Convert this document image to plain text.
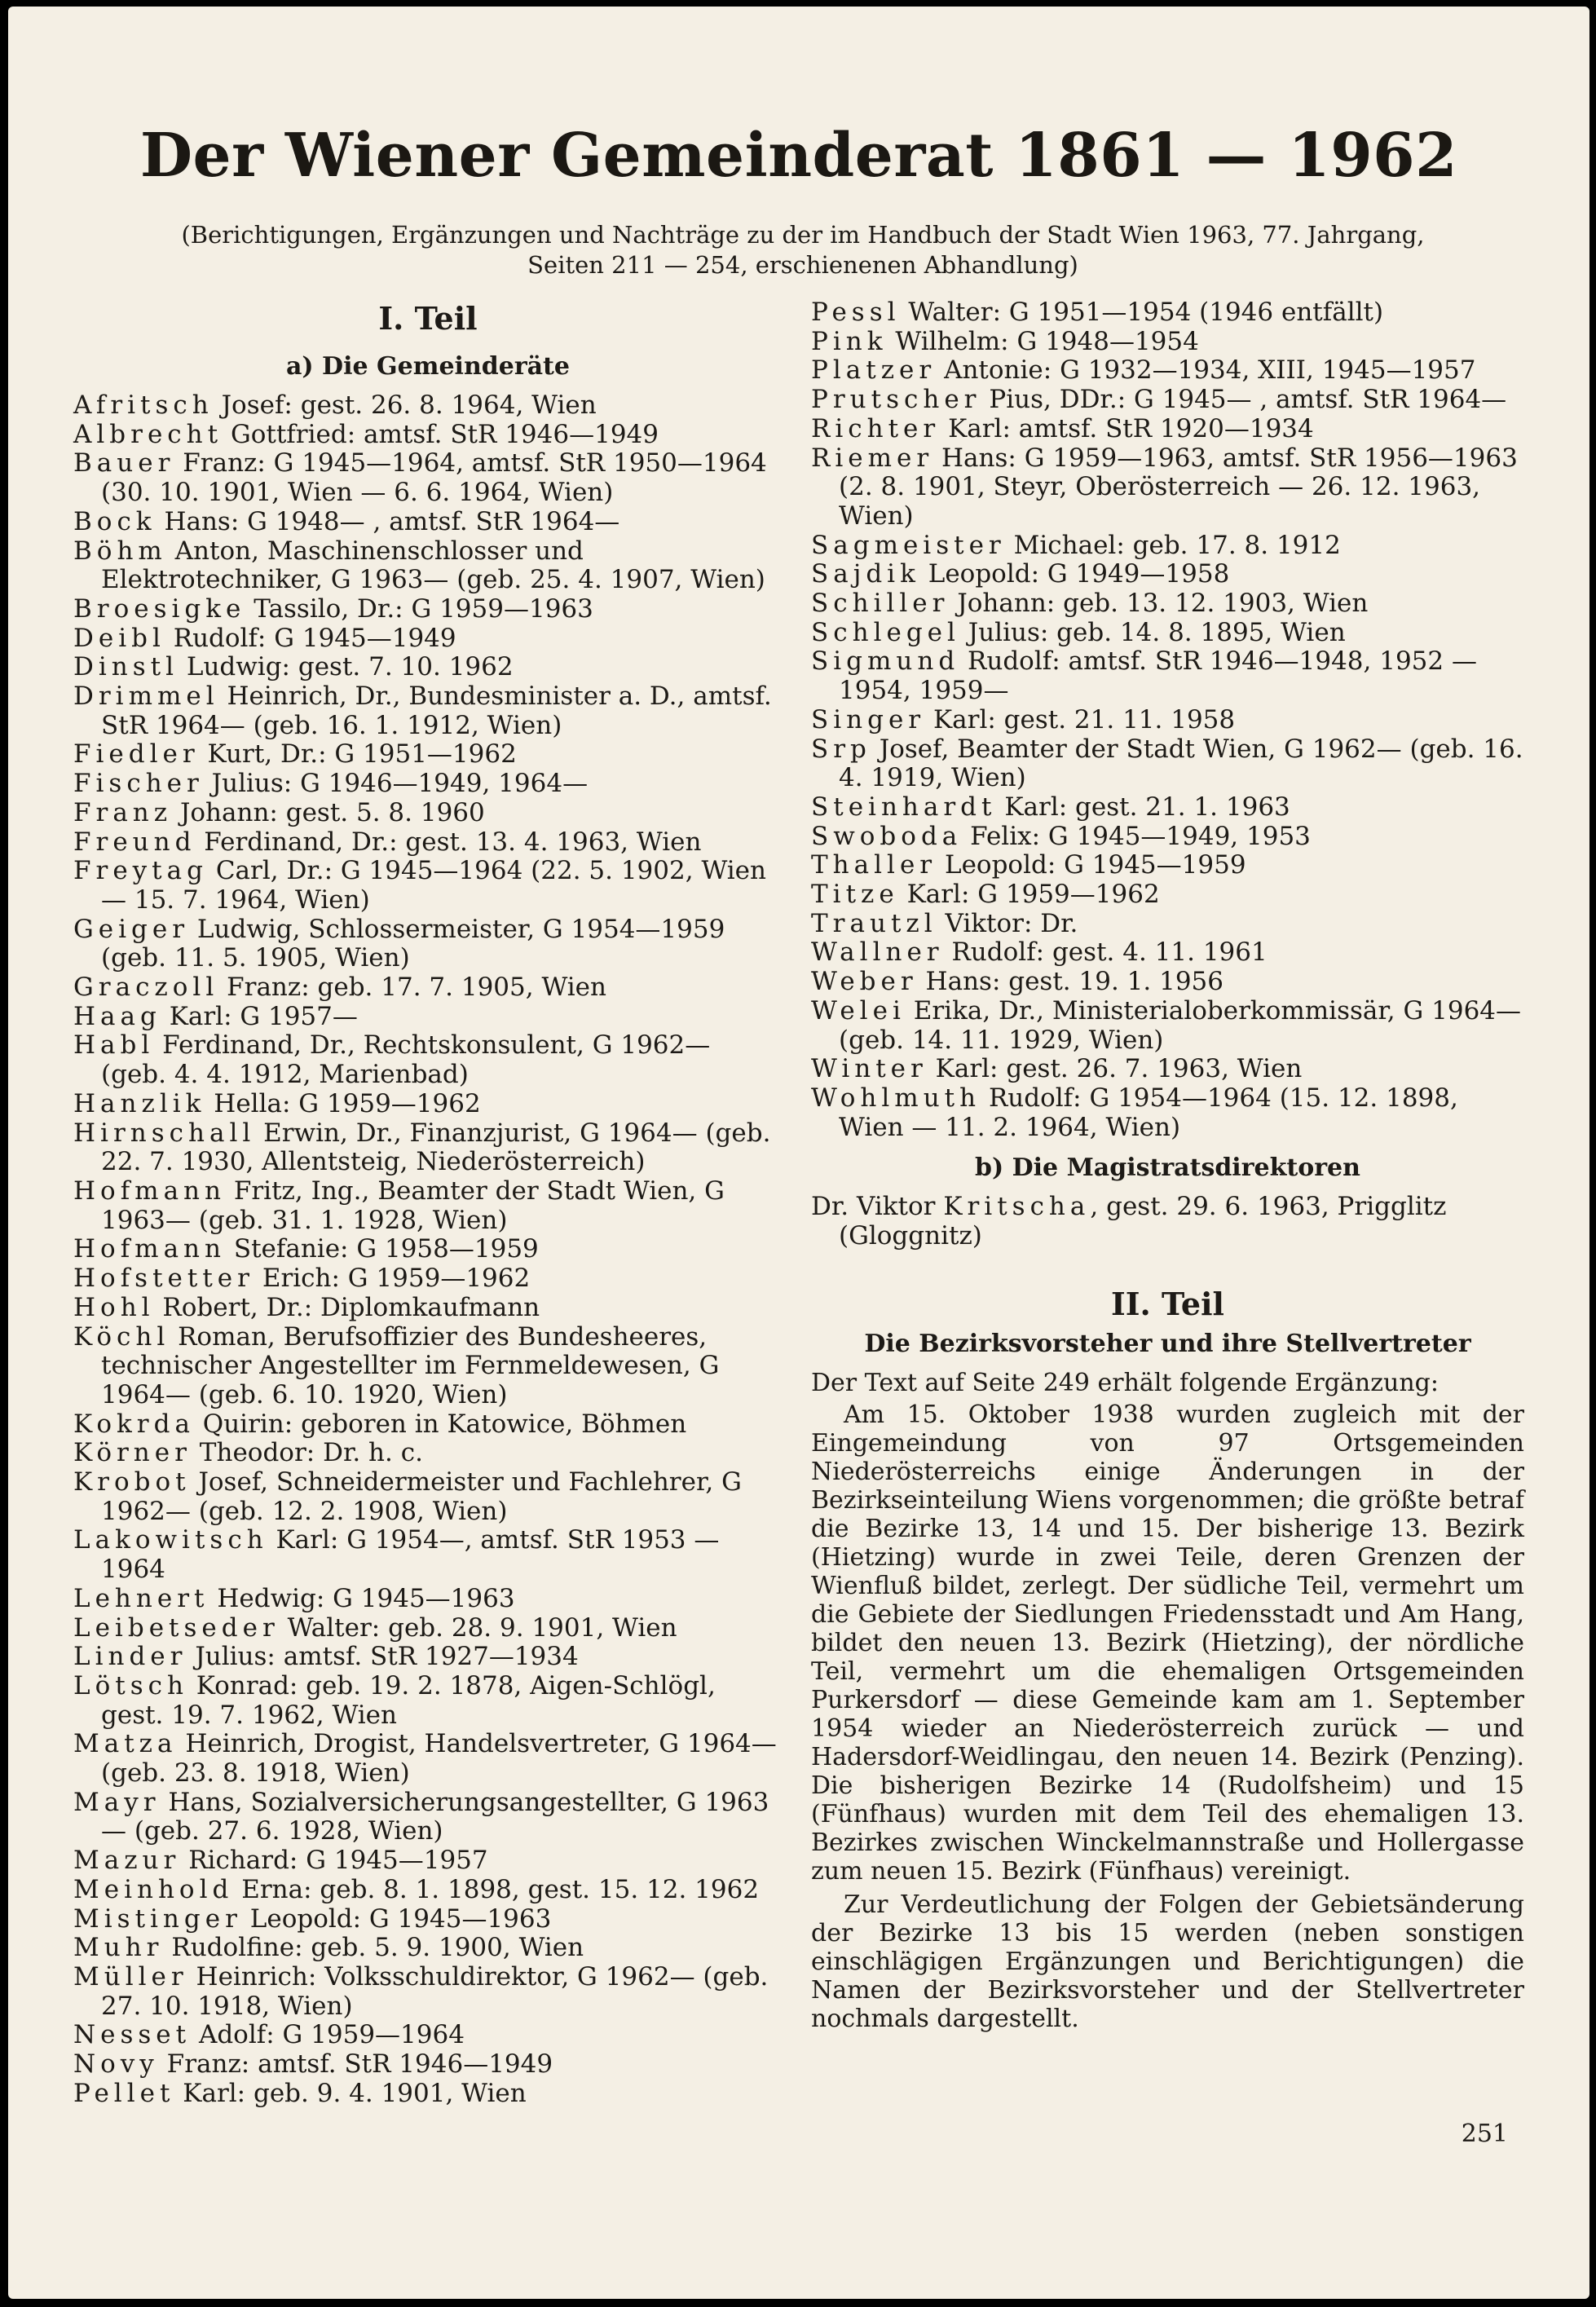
Der Wiener Gemeinderat 1861 — 1962
(Berichtigungen, Ergänzungen und Nachträge zu der im Handbuch der Stadt Wien 1963, 77. Jahrgang,
Seiten 211 — 254, erschienenen Abhandlung)
I. Teil
a) Die Gemeinderäte
Afritsch Josef: gest. 26. 8. 1964, Wien
Albrecht Gottfried: amtsf. StR 1946—1949
Bauer Franz: G 1945—1964, amtsf. StR 1950—1964 (30. 10. 1901, Wien — 6. 6. 1964, Wien)
Bock Hans: G 1948— , amtsf. StR 1964—
Böhm Anton, Maschinenschlosser und Elektrotechniker, G 1963— (geb. 25. 4. 1907, Wien)
Broesigke Tassilo, Dr.: G 1959—1963
Deibl Rudolf: G 1945—1949
Dinstl Ludwig: gest. 7. 10. 1962
Drimmel Heinrich, Dr., Bundesminister a. D., amtsf. StR 1964— (geb. 16. 1. 1912, Wien)
Fiedler Kurt, Dr.: G 1951—1962
Fischer Julius: G 1946—1949, 1964—
Franz Johann: gest. 5. 8. 1960
Freund Ferdinand, Dr.: gest. 13. 4. 1963, Wien
Freytag Carl, Dr.: G 1945—1964 (22. 5. 1902, Wien — 15. 7. 1964, Wien)
Geiger Ludwig, Schlossermeister, G 1954—1959 (geb. 11. 5. 1905, Wien)
Graczoll Franz: geb. 17. 7. 1905, Wien
Haag Karl: G 1957—
Habl Ferdinand, Dr., Rechtskonsulent, G 1962— (geb. 4. 4. 1912, Marienbad)
Hanzlik Hella: G 1959—1962
Hirnschall Erwin, Dr., Finanzjurist, G 1964— (geb. 22. 7. 1930, Allentsteig, Niederösterreich)
Hofmann Fritz, Ing., Beamter der Stadt Wien, G 1963— (geb. 31. 1. 1928, Wien)
Hofmann Stefanie: G 1958—1959
Hofstetter Erich: G 1959—1962
Hohl Robert, Dr.: Diplomkaufmann
Köchl Roman, Berufsoffizier des Bundesheeres, technischer Angestellter im Fernmeldewesen, G 1964— (geb. 6. 10. 1920, Wien)
Kokrda Quirin: geboren in Katowice, Böhmen
Körner Theodor: Dr. h. c.
Krobot Josef, Schneidermeister und Fachlehrer, G 1962— (geb. 12. 2. 1908, Wien)
Lakowitsch Karl: G 1954—, amtsf. StR 1953 —1964
Lehnert Hedwig: G 1945—1963
Leibetseder Walter: geb. 28. 9. 1901, Wien
Linder Julius: amtsf. StR 1927—1934
Lötsch Konrad: geb. 19. 2. 1878, Aigen-Schlögl, gest. 19. 7. 1962, Wien
Matza Heinrich, Drogist, Handelsvertreter, G 1964— (geb. 23. 8. 1918, Wien)
Mayr Hans, Sozialversicherungsangestellter, G 1963— (geb. 27. 6. 1928, Wien)
Mazur Richard: G 1945—1957
Meinhold Erna: geb. 8. 1. 1898, gest. 15. 12. 1962
Mistinger Leopold: G 1945—1963
Muhr Rudolfine: geb. 5. 9. 1900, Wien
Müller Heinrich: Volksschuldirektor, G 1962— (geb. 27. 10. 1918, Wien)
Nesset Adolf: G 1959—1964
Novy Franz: amtsf. StR 1946—1949
Pellet Karl: geb. 9. 4. 1901, Wien
Pessl Walter: G 1951—1954 (1946 entfällt)
Pink Wilhelm: G 1948—1954
Platzer Antonie: G 1932—1934, XIII, 1945—1957
Prutscher Pius, DDr.: G 1945— , amtsf. StR 1964—
Richter Karl: amtsf. StR 1920—1934
Riemer Hans: G 1959—1963, amtsf. StR 1956—1963 (2. 8. 1901, Steyr, Oberösterreich — 26. 12. 1963, Wien)
Sagmeister Michael: geb. 17. 8. 1912
Sajdik Leopold: G 1949—1958
Schiller Johann: geb. 13. 12. 1903, Wien
Schlegel Julius: geb. 14. 8. 1895, Wien
Sigmund Rudolf: amtsf. StR 1946—1948, 1952 —1954, 1959—
Singer Karl: gest. 21. 11. 1958
Srp Josef, Beamter der Stadt Wien, G 1962— (geb. 16. 4. 1919, Wien)
Steinhardt Karl: gest. 21. 1. 1963
Swoboda Felix: G 1945—1949, 1953
Thaller Leopold: G 1945—1959
Titze Karl: G 1959—1962
Trautzl Viktor: Dr.
Wallner Rudolf: gest. 4. 11. 1961
Weber Hans: gest. 19. 1. 1956
Welei Erika, Dr., Ministerialoberkommissär, G 1964— (geb. 14. 11. 1929, Wien)
Winter Karl: gest. 26. 7. 1963, Wien
Wohlmuth Rudolf: G 1954—1964 (15. 12. 1898, Wien — 11. 2. 1964, Wien)
b) Die Magistratsdirektoren
Dr. Viktor Kritscha, gest. 29. 6. 1963, Prigglitz (Gloggnitz)
II. Teil
Die Bezirksvorsteher und ihre Stellvertreter
Der Text auf Seite 249 erhält folgende Ergänzung:

Am 15. Oktober 1938 wurden zugleich mit der Eingemeindung von 97 Ortsgemeinden Niederösterreichs einige Änderungen in der Bezirkseinteilung Wiens vorgenommen; die größte betraf die Bezirke 13, 14 und 15. Der bisherige 13. Bezirk (Hietzing) wurde in zwei Teile, deren Grenzen der Wienfluß bildet, zerlegt. Der südliche Teil, vermehrt um die Gebiete der Siedlungen Friedensstadt und Am Hang, bildet den neuen 13. Bezirk (Hietzing), der nördliche Teil, vermehrt um die ehemaligen Ortsgemeinden Purkersdorf — diese Gemeinde kam am 1. September 1954 wieder an Niederösterreich zurück — und Hadersdorf-Weidlingau, den neuen 14. Bezirk (Penzing). Die bisherigen Bezirke 14 (Rudolfsheim) und 15 (Fünfhaus) wurden mit dem Teil des ehemaligen 13. Bezirkes zwischen Winckelmannstraße und Hollergasse zum neuen 15. Bezirk (Fünfhaus) vereinigt.

Zur Verdeutlichung der Folgen der Gebietsänderung der Bezirke 13 bis 15 werden (neben sonstigen einschlägigen Ergänzungen und Berichtigungen) die Namen der Bezirksvorsteher und der Stellvertreter nochmals dargestellt.

251
